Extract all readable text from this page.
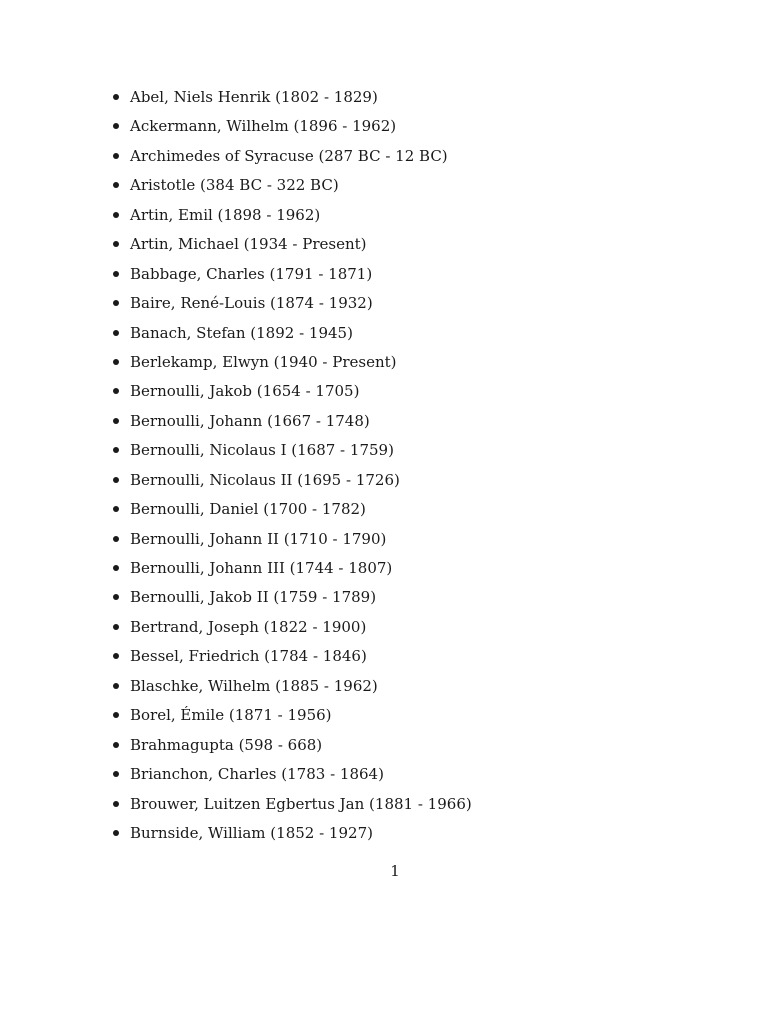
Abel, Niels Henrik (1802 - 1829)
Ackermann, Wilhelm (1896 - 1962)
Archimedes of Syracuse (287 BC - 12 BC)
Aristotle (384 BC - 322 BC)
Artin, Emil (1898 - 1962)
Artin, Michael (1934 - Present)
Babbage, Charles (1791 - 1871)
Baire, René-Louis (1874 - 1932)
Banach, Stefan (1892 - 1945)
Berlekamp, Elwyn (1940 - Present)
Bernoulli, Jakob (1654 - 1705)
Bernoulli, Johann (1667 - 1748)
Bernoulli, Nicolaus I (1687 - 1759)
Bernoulli, Nicolaus II (1695 - 1726)
Bernoulli, Daniel (1700 - 1782)
Bernoulli, Johann II (1710 - 1790)
Bernoulli, Johann III (1744 - 1807)
Bernoulli, Jakob II (1759 - 1789)
Bertrand, Joseph (1822 - 1900)
Bessel, Friedrich (1784 - 1846)
Blaschke, Wilhelm (1885 - 1962)
Borel, Émile (1871 - 1956)
Brahmagupta (598 - 668)
Brianchon, Charles (1783 - 1864)
Brouwer, Luitzen Egbertus Jan (1881 - 1966)
Burnside, William (1852 - 1927)
1
